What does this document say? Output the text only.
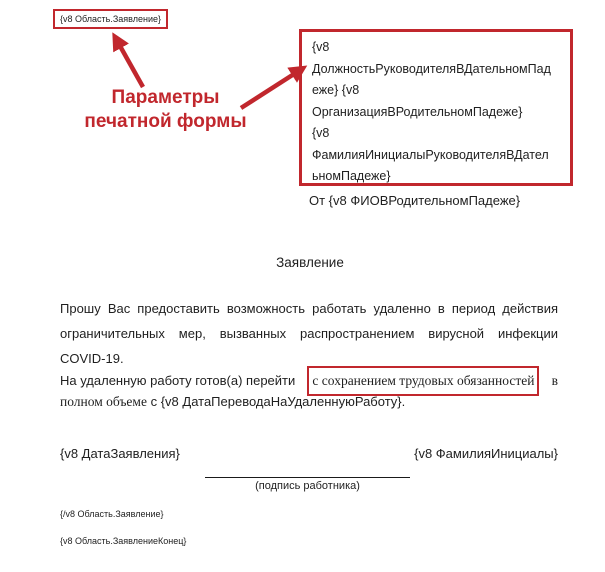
{v8 Область.Заявление}
Параметры
печатной формы
{v8
ДолжностьРуководителяВДательномПад
еже} {v8
ОрганизацияВРодительномПадеже}
{v8
ФамилияИнициалыРуководителяВДател
ьномПадеже}
От {v8 ФИОВРодительномПадеже}
Заявление
Прошу Вас предоставить возможность работать удаленно в период действия
ограничительных мер, вызванных распространением вирусной инфекции
COVID-19.
На удаленную работу готов(а) перейти	с сохранением трудовых обязанностей	в
полном объеме с {v8 ДатаПереводаНаУдаленнуюРаботу}.
{v8 ДатаЗаявления}	{v8 ФамилияИнициалы}
(подпись работника)
{/v8 Область.Заявление}
{v8 Область.ЗаявлениеКонец}
